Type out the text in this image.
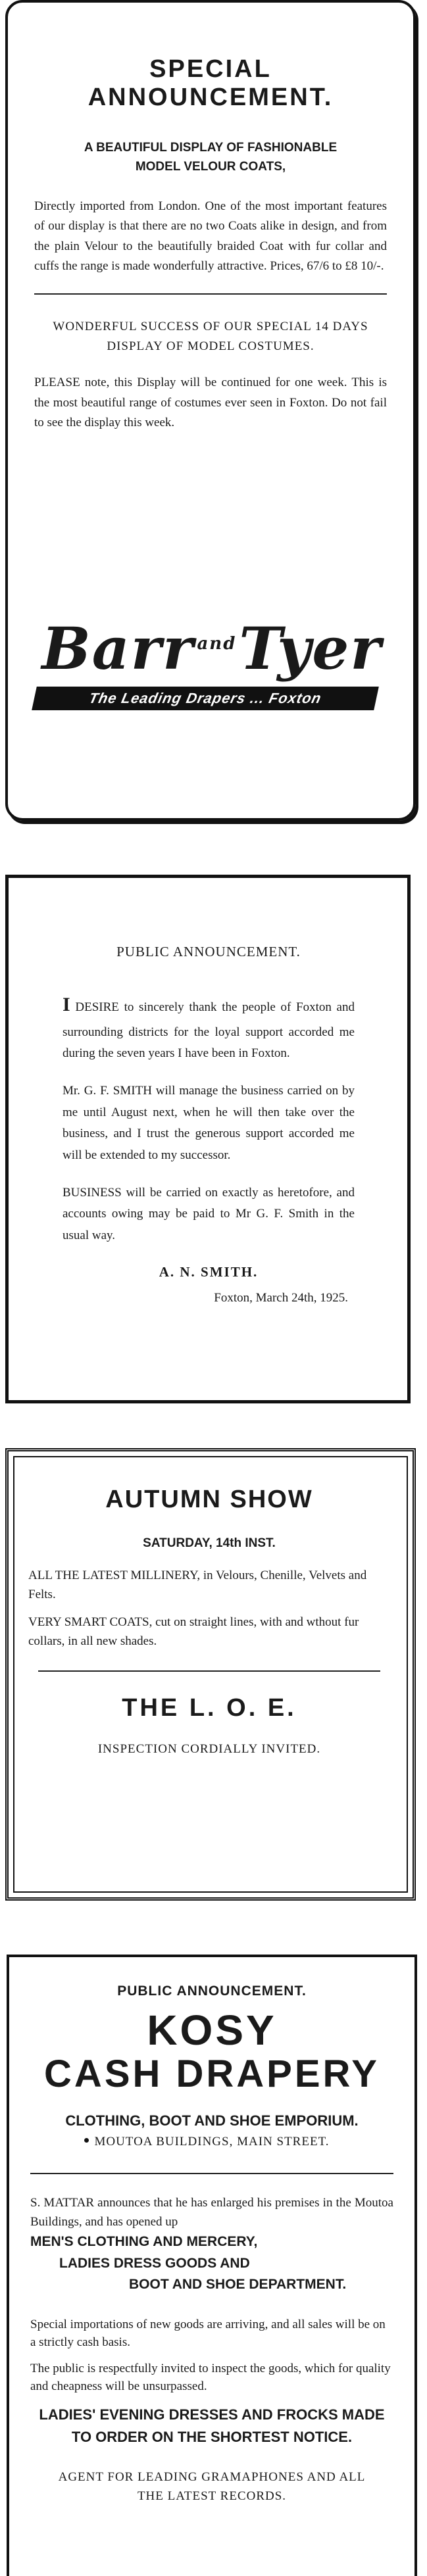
SPECIAL ANNOUNCEMENT.
A BEAUTIFUL DISPLAY OF FASHIONABLE
MODEL VELOUR COATS,

Directly imported from London. One of the most important features of our display is that there are no two Coats alike in design, and from the plain Velour to the beautifully braided Coat with fur collar and cuffs the range is made wonderfully attractive. Prices, 67/6 to £8 10/-.

WONDERFUL SUCCESS OF OUR SPECIAL 14 DAYS
DISPLAY OF MODEL COSTUMES.

PLEASE note, this Display will be continued for one week. This is the most beautiful range of costumes ever seen in Foxton. Do not fail to see the display this week.

Barr $^{and}$Tyer
The Leading Drapers ... Foxton
PUBLIC ANNOUNCEMENT.

I DESIRE to sincerely thank the people of Foxton and surrounding districts for the loyal support accorded me during the seven years I have been in Foxton.

Mr. G. F. SMITH will manage the business carried on by me until August next, when he will then take over the business, and I trust the generous support accorded me will be extended to my successor.

BUSINESS will be carried on exactly as heretofore, and accounts owing may be paid to Mr G. F. Smith in the usual way.

A. N. SMITH.
Foxton, March 24th, 1925.
AUTUMN SHOW
SATURDAY, 14th INST.

ALL THE LATEST MILLINERY, in Velours, Chenille, Velvets and Felts.

VERY SMART COATS, cut on straight lines, with and wthout fur collars, in all new shades.

THE L. O. E.
INSPECTION CORDIALLY INVITED.
PUBLIC ANNOUNCEMENT.
KOSY
CASH DRAPERY
CLOTHING, BOOT AND SHOE EMPORIUM.
MOUTOA BUILDINGS, MAIN STREET.

S. MATTAR announces that he has enlarged his premises in the Moutoa Buildings, and has opened up

MEN'S CLOTHING AND MERCERY,
LADIES DRESS GOODS AND
BOOT AND SHOE DEPARTMENT.

Special importations of new goods are arriving, and all sales will be on a strictly cash basis.

The public is respectfully invited to inspect the goods, which for quality and cheapness will be unsurpassed.

LADIES' EVENING DRESSES AND FROCKS MADE
TO ORDER ON THE SHORTEST NOTICE.
AGENT FOR LEADING GRAMAPHONES AND ALL
THE LATEST RECORDS.
